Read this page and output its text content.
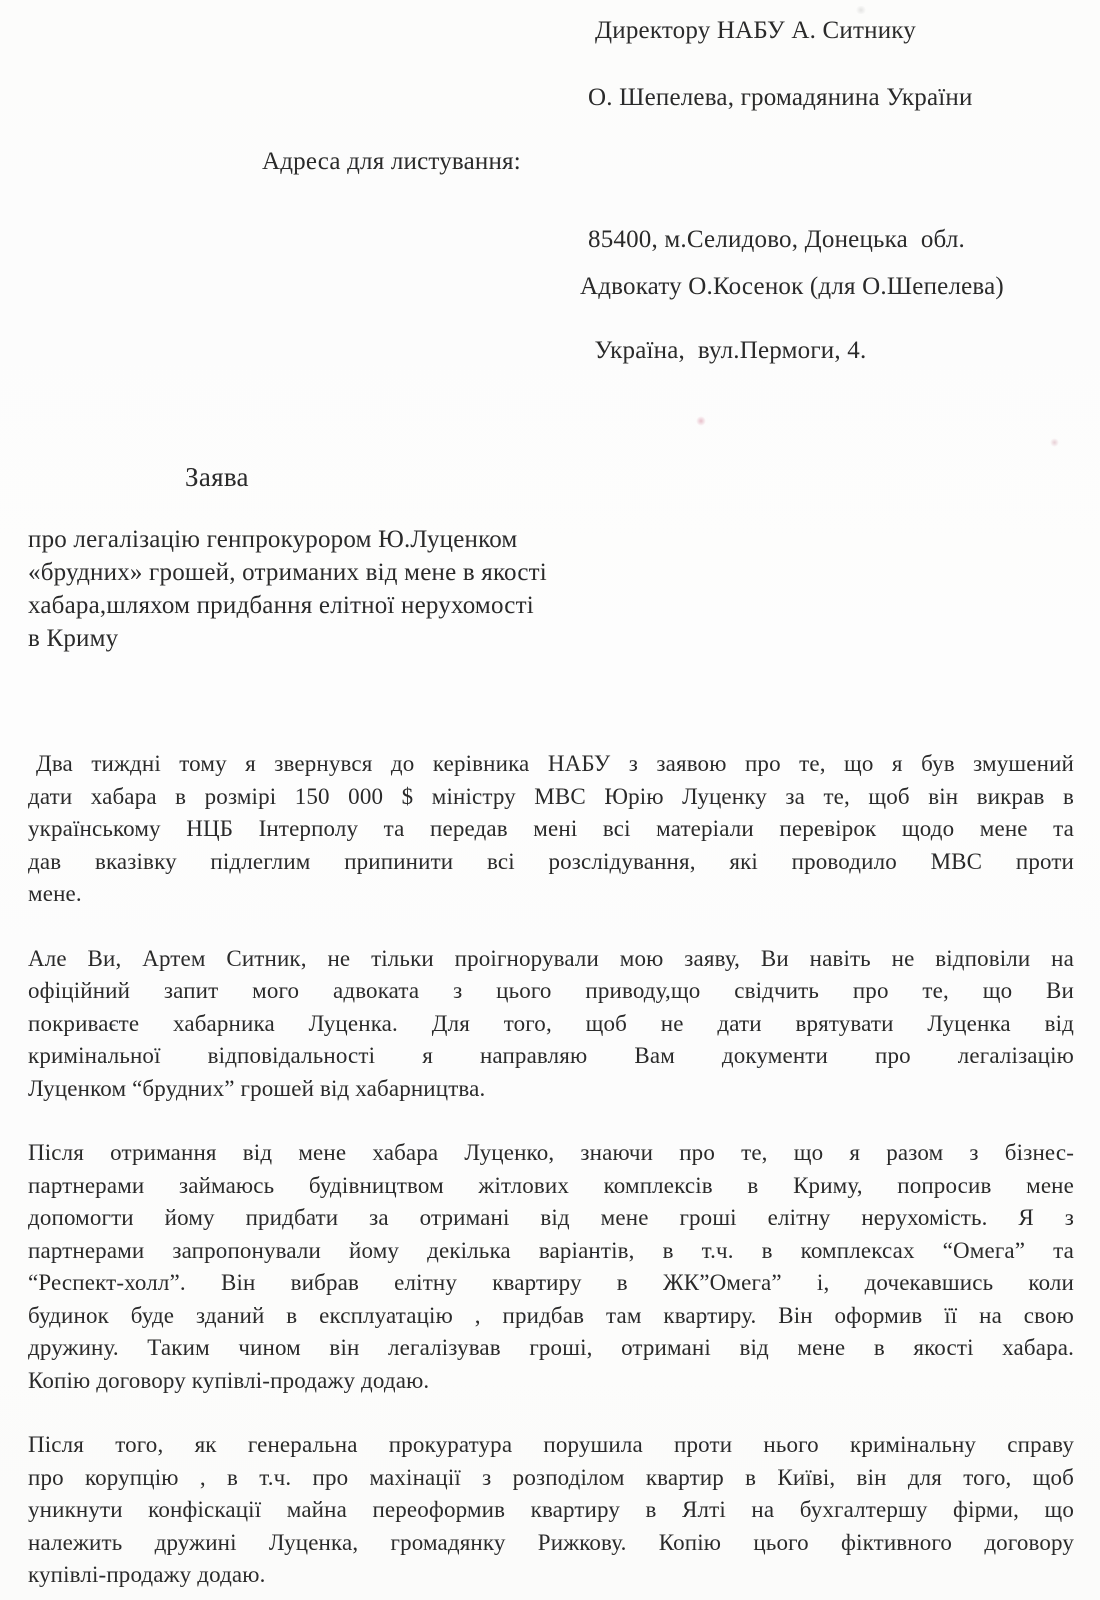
Директору НАБУ А. Ситнику
О. Шепелева, громадянина України
Адреса для листування:

85400, м.Селидово, Донецька  обл.

Україна,  вул.Пермоги, 4.

Адвокату О.Косенок (для О.Шепелева)
Заява
про легалізацію генпрокурором Ю.Луценком
«брудних» грошей, отриманих від мене в якості
хабара,шляхом придбання елітної нерухомості
в Криму
Два тиждні тому я звернувся до керівника НАБУ з заявою про те, що я був змушений
дати хабара в розмірі 150 000 $ міністру МВС Юрію Луценку за те, щоб він викрав в
українському НЦБ Інтерполу та передав мені всі матеріали перевірок щодо мене та
дав вказівку підлеглим припинити всі розслідування, які проводило МВС проти
мене.
Але Ви, Артем Ситник, не тільки проігнорували мою заяву, Ви навіть не відповіли на
офіційний запит мого адвоката з цього приводу,що свідчить про те, що Ви
покриваєте хабарника Луценка. Для того, щоб не дати врятувати Луценка від
кримінальної відповідальності я направляю Вам документи про легалізацію
Луценком “брудних” грошей від хабарництва.
Після отримання від мене хабара Луценко, знаючи про те, що я разом з бізнес-
партнерами займаюсь будівництвом жітлових комплексів в Криму, попросив мене
допомогти йому придбати за отримані від мене гроші елітну нерухомість. Я з
партнерами запропонували йому декілька варіантів, в т.ч. в комплексах “Омега” та
“Респект-холл”. Він вибрав елітну квартиру в ЖК”Омега” і, дочекавшись коли
будинок буде зданий в експлуатацію , придбав там квартиру. Він оформив її на свою
дружину. Таким чином він легалізував гроші, отримані від мене в якості хабара.
Копію договору купівлі-продажу додаю.
Після того, як генеральна прокуратура порушила проти нього кримінальну справу
про корупцію , в т.ч. про махінації з розподілом квартир в Київі, він для того, щоб
уникнути конфіскації майна переоформив квартиру в Ялті на бухгалтершу фірми, що
належить дружині Луценка, громадянку Рижкову. Копію цього фіктивного договору
купівлі-продажу додаю.
